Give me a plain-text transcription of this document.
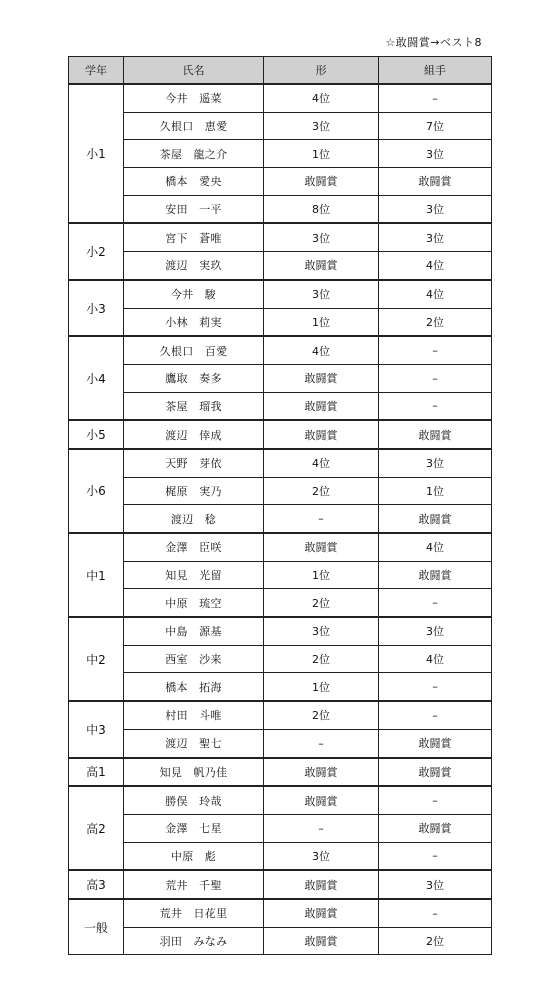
☆敢闘賞→ベスト8
学年	氏名	形	組手
小1	今井　遥菜	4位	–
	久根口　恵愛	3位	7位
	茶屋　龍之介	1位	3位
	橋本　愛央	敢闘賞	敢闘賞
	安田　一平	8位	3位
小2	宮下　蒼唯	3位	3位
	渡辺　実玖	敢闘賞	4位
小3	今井　駿	3位	4位
	小林　莉実	1位	2位
小4	久根口　百愛	4位	–
	鷹取　奏多	敢闘賞	–
	茶屋　瑠我	敢闘賞	–
小5	渡辺　倖成	敢闘賞	敢闘賞
小6	天野　芽依	4位	3位
	梶原　実乃	2位	1位
	渡辺　稔	–	敢闘賞
中1	金澤　臣咲	敢闘賞	4位
	知見　光留	1位	敢闘賞
	中原　琉空	2位	–
中2	中島　源基	3位	3位
	西室　沙来	2位	4位
	橋本　拓海	1位	–
中3	村田　斗唯	2位	–
	渡辺　聖七	–	敢闘賞
高1	知見　帆乃佳	敢闘賞	敢闘賞
高2	勝俣　玲哉	敢闘賞	–
	金澤　七星	–	敢闘賞
	中原　彪	3位	–
高3	荒井　千聖	敢闘賞	3位
一般	荒井　日花里	敢闘賞	–
	羽田　みなみ	敢闘賞	2位
